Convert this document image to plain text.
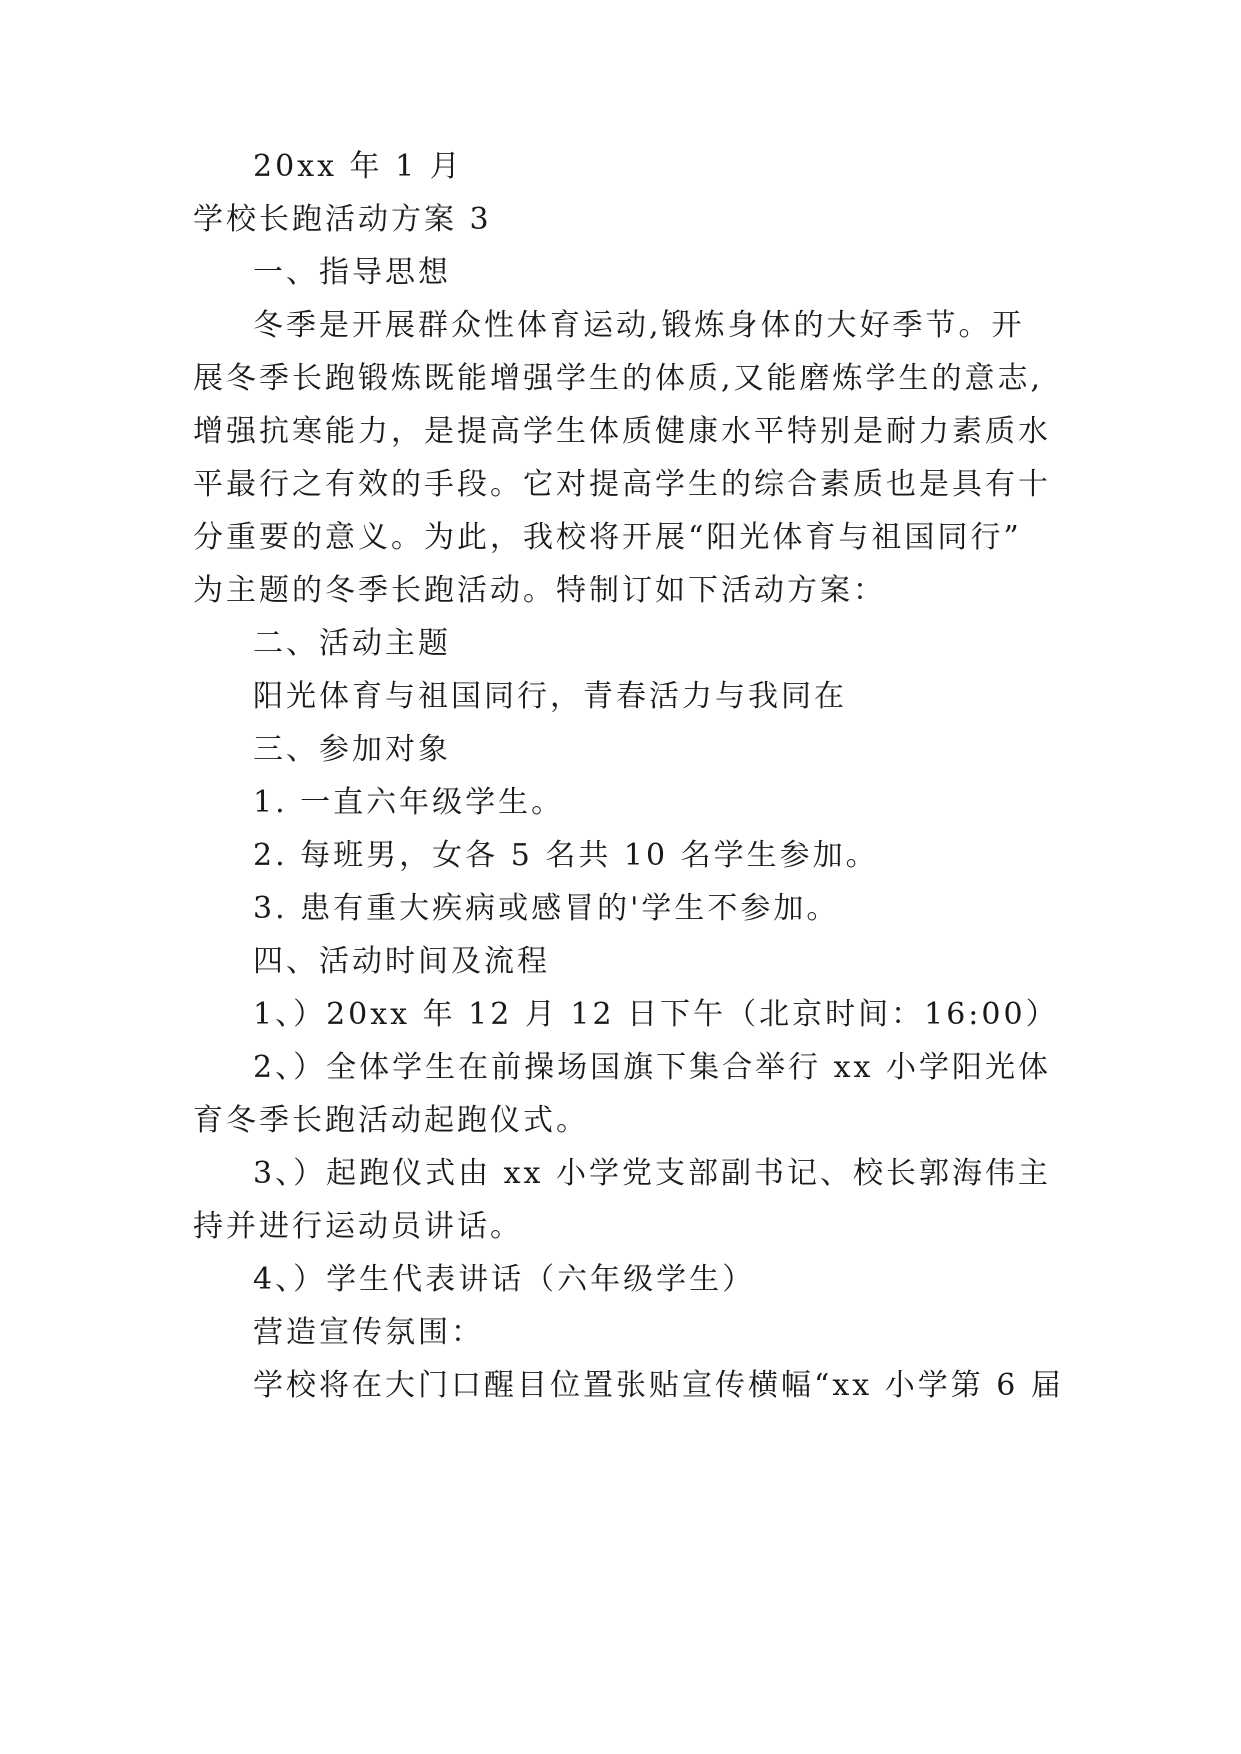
20xx 年 1 月
学校长跑活动方案 3
一、指导思想
冬季是开展群众性体育运动,锻炼身体的大好季节。开
展冬季长跑锻炼既能增强学生的体质,又能磨炼学生的意志,
增强抗寒能力，是提高学生体质健康水平特别是耐力素质水
平最行之有效的手段。它对提高学生的综合素质也是具有十
分重要的意义。为此，我校将开展“阳光体育与祖国同行”
为主题的冬季长跑活动。特制订如下活动方案：
二、活动主题
阳光体育与祖国同行，青春活力与我同在
三、参加对象
1. 一直六年级学生。
2. 每班男，女各 5 名共 10 名学生参加。
3. 患有重大疾病或感冒的'学生不参加。
四、活动时间及流程
1、）20xx 年 12 月 12 日下午（北京时间：16:00）
2、）全体学生在前操场国旗下集合举行 xx 小学阳光体
育冬季长跑活动起跑仪式。
3、）起跑仪式由 xx 小学党支部副书记、校长郭海伟主
持并进行运动员讲话。
4、）学生代表讲话（六年级学生）
营造宣传氛围：
学校将在大门口醒目位置张贴宣传横幅“xx 小学第 6 届
